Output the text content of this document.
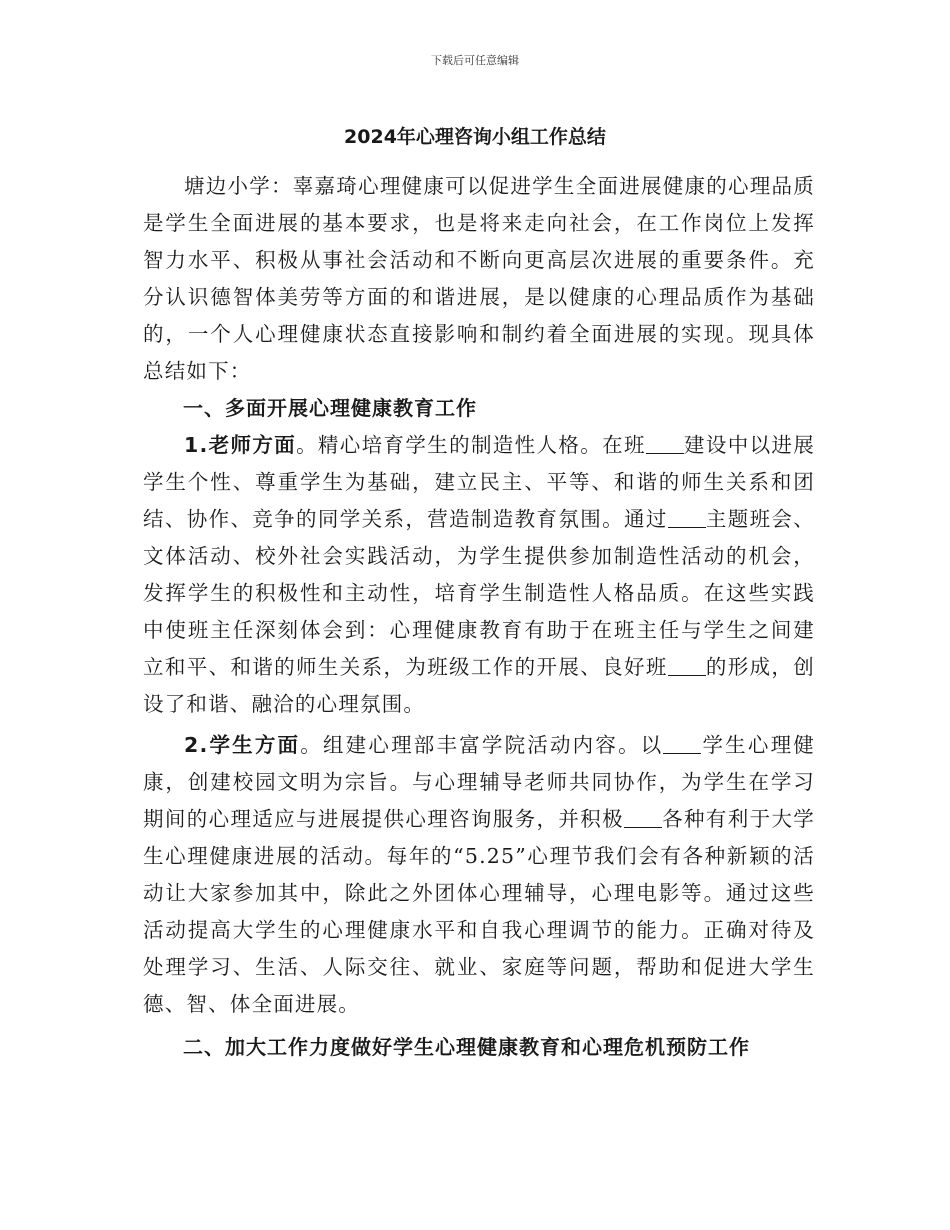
下载后可任意编辑
2024年心理咨询小组工作总结

塘边小学：辜嘉琦心理健康可以促进学生全面进展健康的心理品质是学生全面进展的基本要求，也是将来走向社会，在工作岗位上发挥智力水平、积极从事社会活动和不断向更高层次进展的重要条件。充分认识德智体美劳等方面的和谐进展，是以健康的心理品质作为基础的，一个人心理健康状态直接影响和制约着全面进展的实现。现具体总结如下：

一、多面开展心理健康教育工作

1.老师方面。精心培育学生的制造性人格。在班 建设中以进展学生个性、尊重学生为基础，建立民主、平等、和谐的师生关系和团结、协作、竞争的同学关系，营造制造教育氛围。通过 主题班会、文体活动、校外社会实践活动，为学生提供参加制造性活动的机会，发挥学生的积极性和主动性，培育学生制造性人格品质。在这些实践中使班主任深刻体会到：心理健康教育有助于在班主任与学生之间建立和平、和谐的师生关系，为班级工作的开展、良好班 的形成，创设了和谐、融洽的心理氛围。

2.学生方面。组建心理部丰富学院活动内容。以 学生心理健康，创建校园文明为宗旨。与心理辅导老师共同协作，为学生在学习期间的心理适应与进展提供心理咨询服务，并积极 各种有利于大学生心理健康进展的活动。每年的“5.25”心理节我们会有各种新颖的活动让大家参加其中，除此之外团体心理辅导，心理电影等。通过这些活动提高大学生的心理健康水平和自我心理调节的能力。正确对待及处理学习、生活、人际交往、就业、家庭等问题，帮助和促进大学生德、智、体全面进展。

二、加大工作力度做好学生心理健康教育和心理危机预防工作
